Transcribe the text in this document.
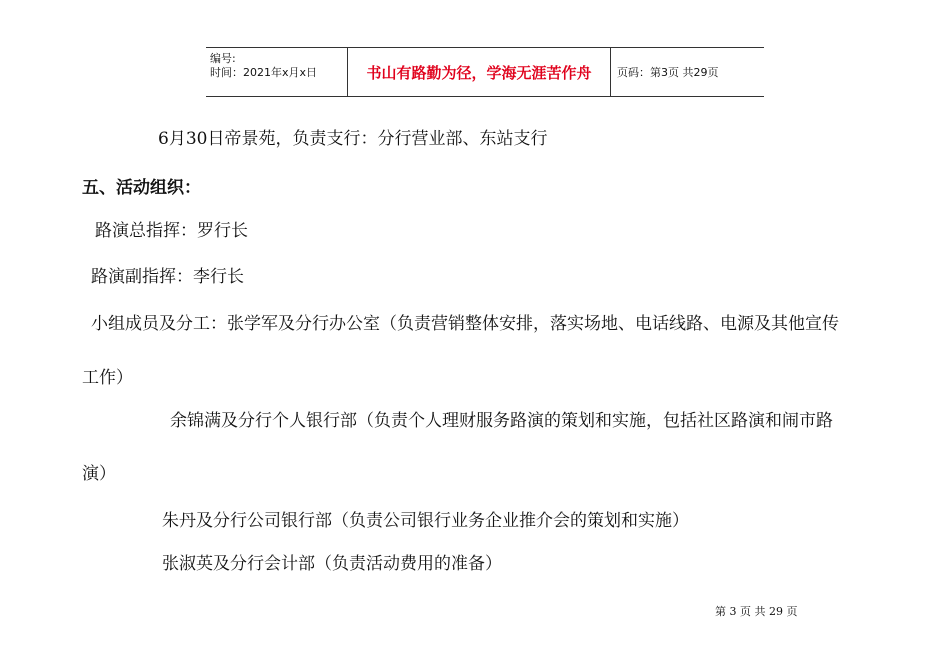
编号:
时间：2021年x月x日	书山有路勤为径，学海无涯苦作舟	页码：第3页 共29页
6月30日帝景苑，负责支行：分行营业部、东站支行
五、活动组织：
路演总指挥：罗行长
路演副指挥：李行长
小组成员及分工：张学军及分行办公室（负责营销整体安排，落实场地、电话线路、电源及其他宣传
工作）
余锦满及分行个人银行部（负责个人理财服务路演的策划和实施，包括社区路演和闹市路
演）
朱丹及分行公司银行部（负责公司银行业务企业推介会的策划和实施）
张淑英及分行会计部（负责活动费用的准备）
第 3 页 共 29 页
